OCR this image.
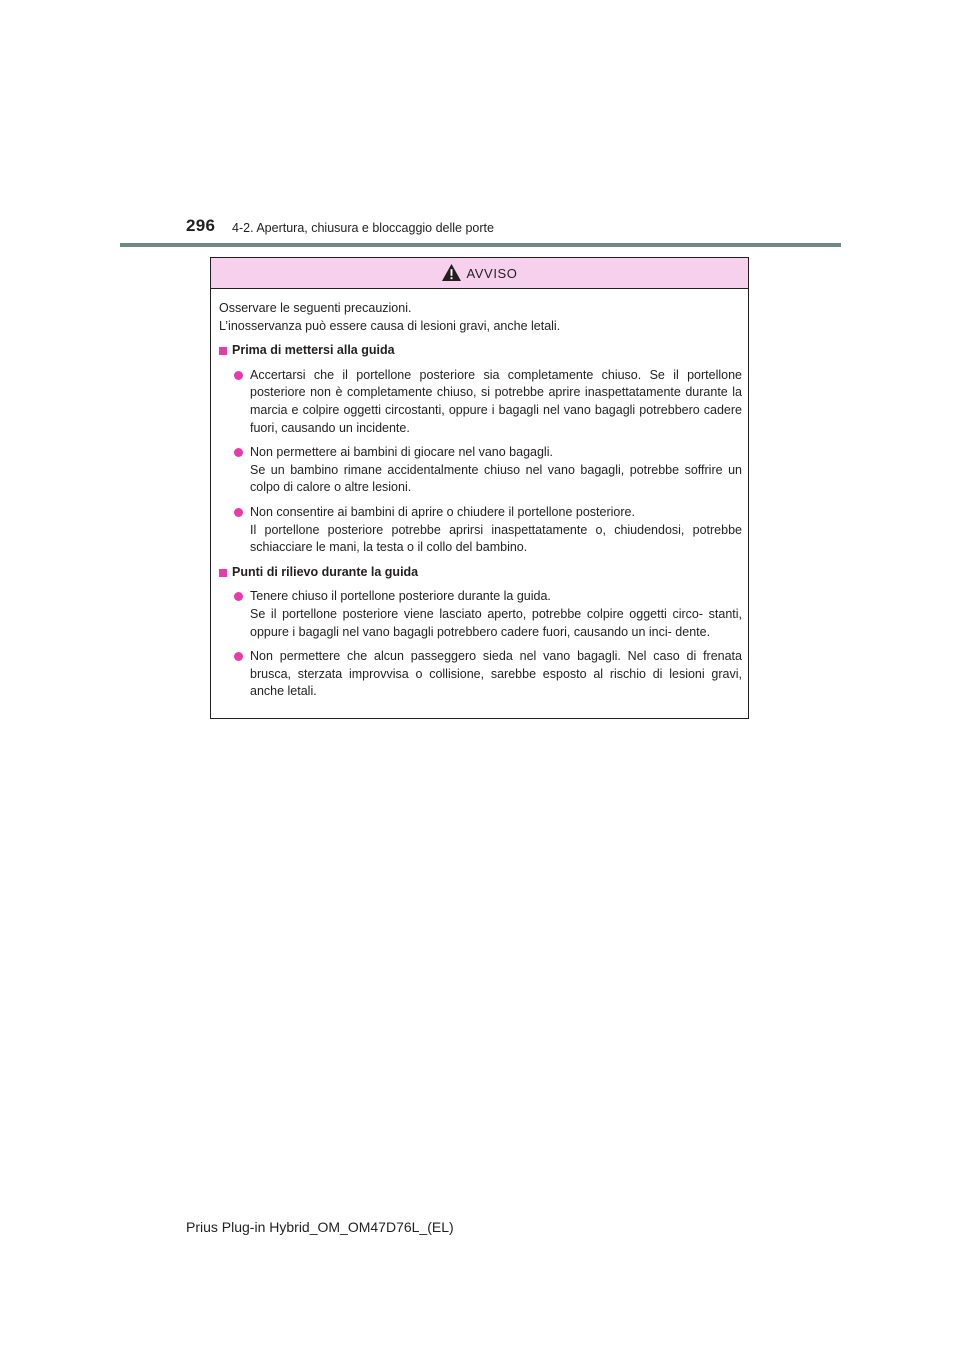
296 4-2. Apertura, chiusura e bloccaggio delle porte
AVVISO
Osservare le seguenti precauzioni.
L’inosservanza può essere causa di lesioni gravi, anche letali.
Prima di mettersi alla guida
Accertarsi che il portellone posteriore sia completamente chiuso. Se il portellone posteriore non è completamente chiuso, si potrebbe aprire inaspettatamente durante la marcia e colpire oggetti circostanti, oppure i bagagli nel vano bagagli potrebbero cadere fuori, causando un incidente.
Non permettere ai bambini di giocare nel vano bagagli.
Se un bambino rimane accidentalmente chiuso nel vano bagagli, potrebbe soffrire un colpo di calore o altre lesioni.
Non consentire ai bambini di aprire o chiudere il portellone posteriore.
Il portellone posteriore potrebbe aprirsi inaspettatamente o, chiudendosi, potrebbe schiacciare le mani, la testa o il collo del bambino.
Punti di rilievo durante la guida
Tenere chiuso il portellone posteriore durante la guida.
Se il portellone posteriore viene lasciato aperto, potrebbe colpire oggetti circo- stanti, oppure i bagagli nel vano bagagli potrebbero cadere fuori, causando un inci- dente.
Non permettere che alcun passeggero sieda nel vano bagagli. Nel caso di frenata brusca, sterzata improvvisa o collisione, sarebbe esposto al rischio di lesioni gravi, anche letali.
Prius Plug-in Hybrid_OM_OM47D76L_(EL)
